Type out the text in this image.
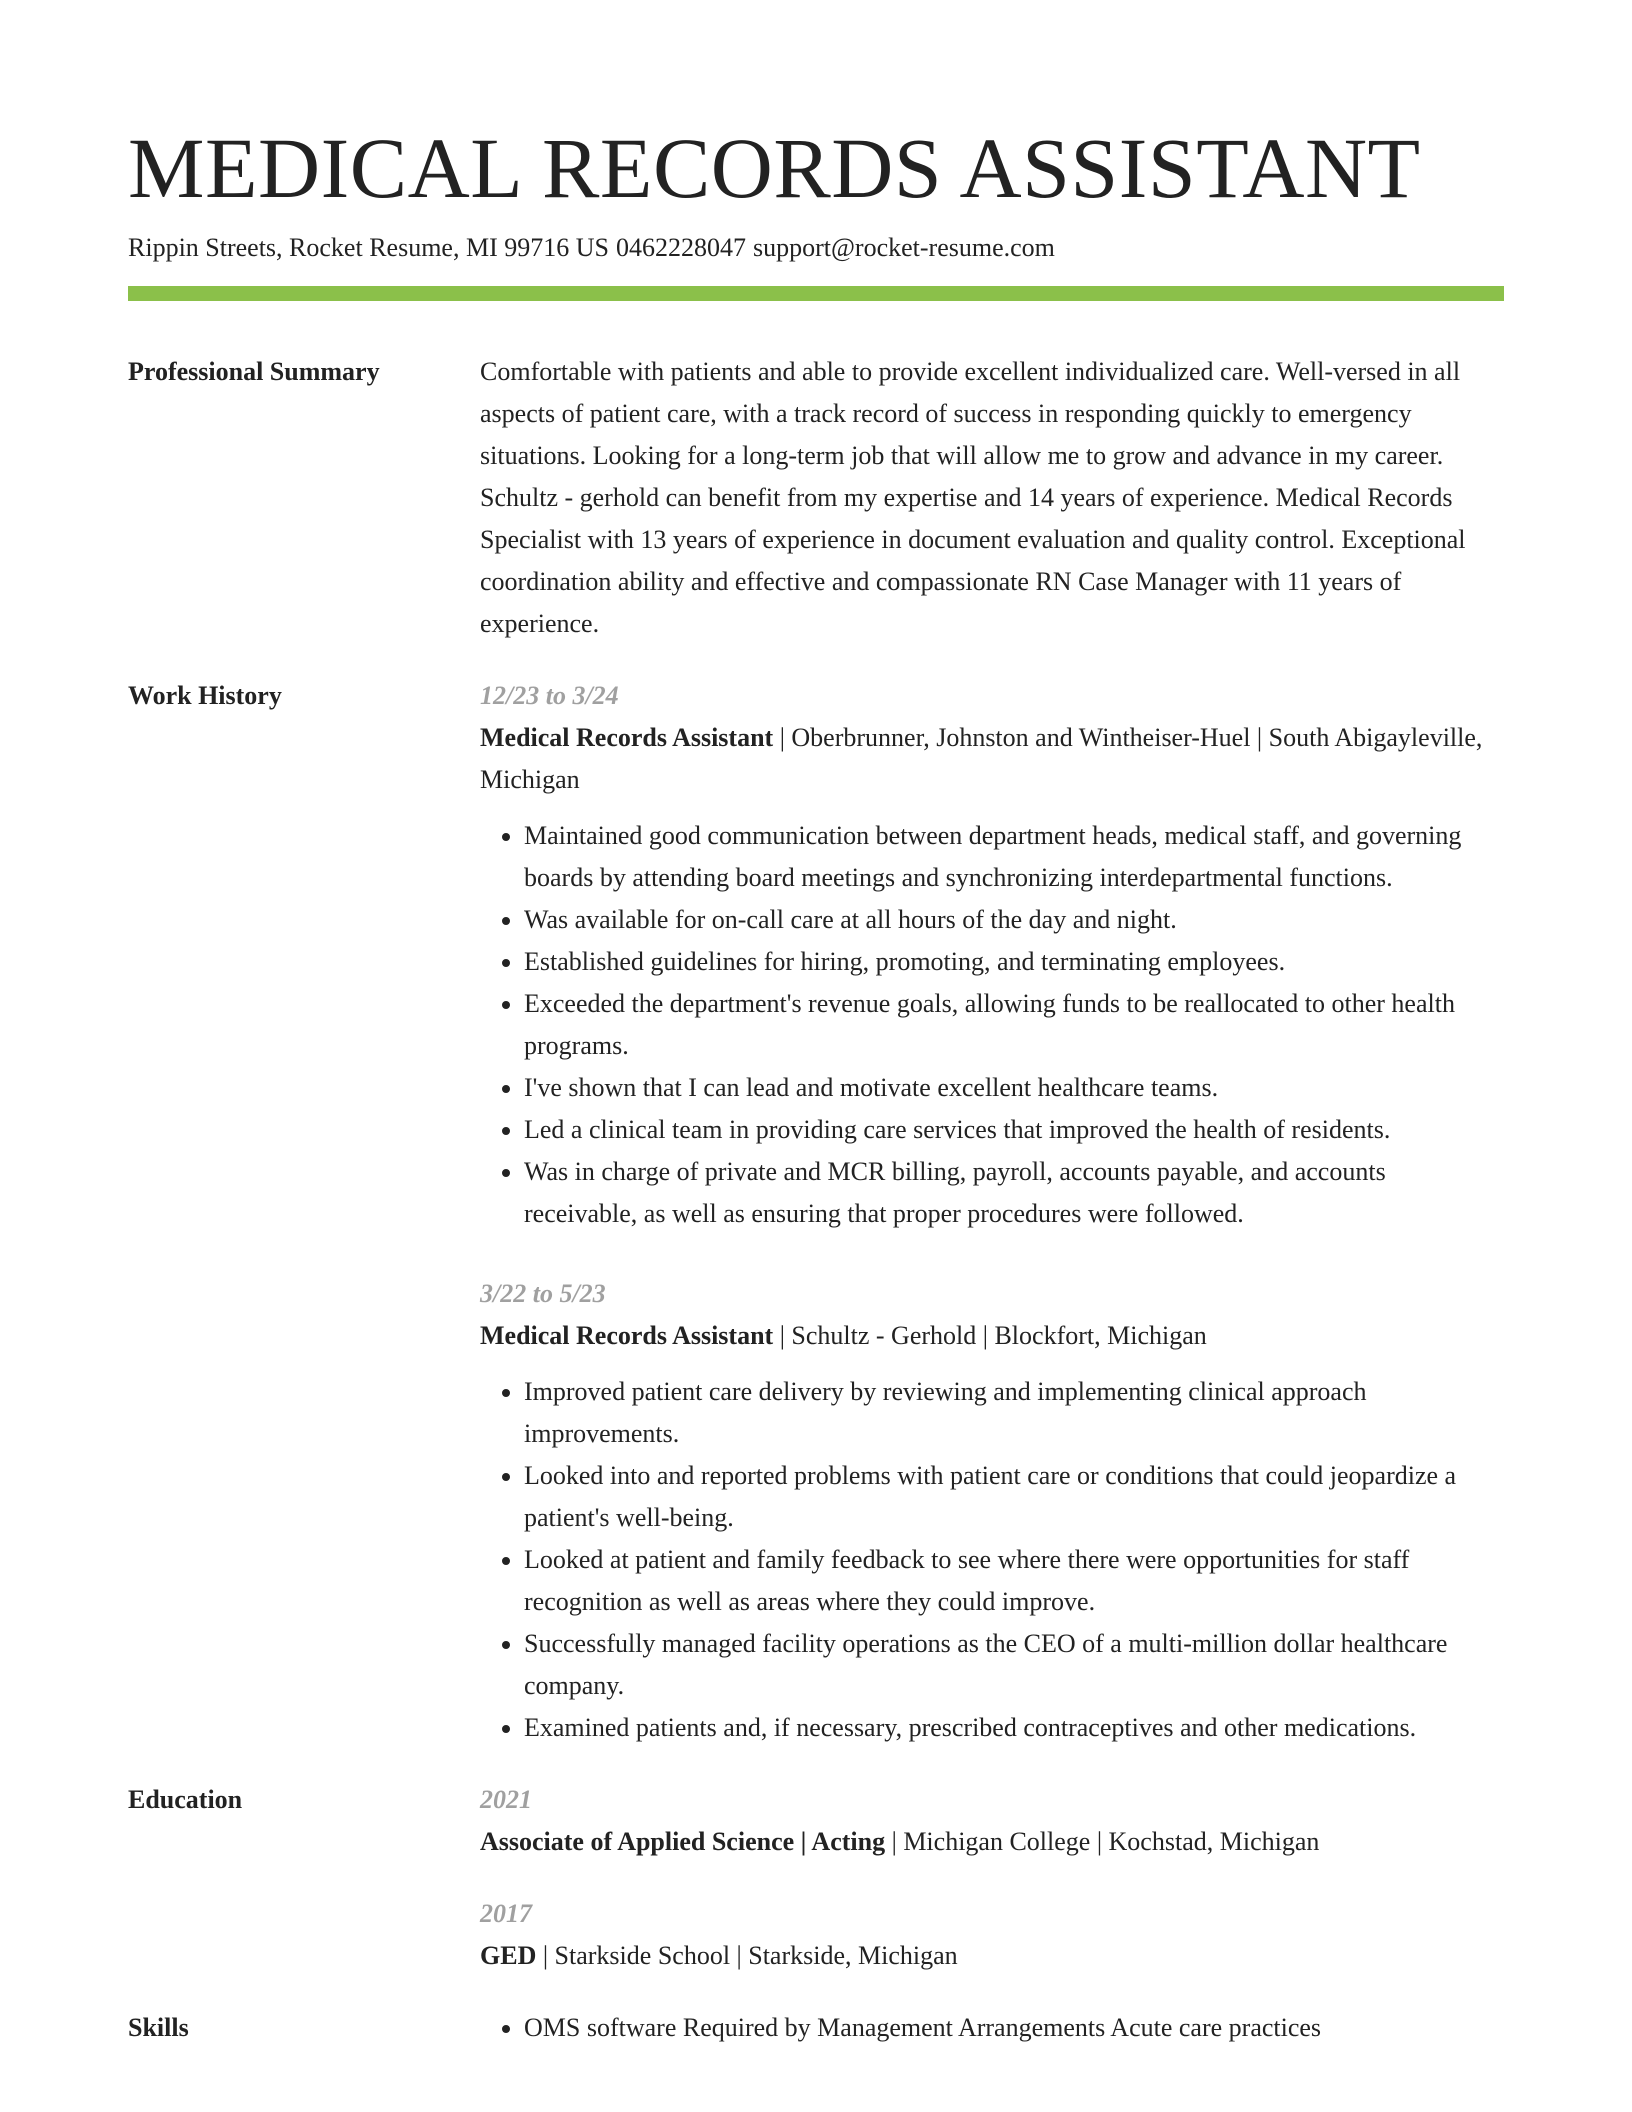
MEDICAL RECORDS ASSISTANT
Rippin Streets, Rocket Resume, MI 99716 US 0462228047 support@rocket-resume.com
Professional Summary	Comfortable with patients and able to provide excellent individualized care. Well-versed in all aspects of patient care, with a track record of success in responding quickly to emergency situations. Looking for a long-term job that will allow me to grow and advance in my career. Schultz - gerhold can benefit from my expertise and 14 years of experience. Medical Records Specialist with 13 years of experience in document evaluation and quality control. Exceptional coordination ability and effective and compassionate RN Case Manager with 11 years of experience.
Work History	12/23 to 3/24
Medical Records Assistant | Oberbrunner, Johnston and Wintheiser-Huel | South Abigayleville, Michigan
• Maintained good communication between department heads, medical staff, and governing boards by attending board meetings and synchronizing interdepartmental functions.
• Was available for on-call care at all hours of the day and night.
• Established guidelines for hiring, promoting, and terminating employees.
• Exceeded the department's revenue goals, allowing funds to be reallocated to other health programs.
• I've shown that I can lead and motivate excellent healthcare teams.
• Led a clinical team in providing care services that improved the health of residents.
• Was in charge of private and MCR billing, payroll, accounts payable, and accounts receivable, as well as ensuring that proper procedures were followed.
3/22 to 5/23
Medical Records Assistant | Schultz - Gerhold | Blockfort, Michigan
• Improved patient care delivery by reviewing and implementing clinical approach improvements.
• Looked into and reported problems with patient care or conditions that could jeopardize a patient's well-being.
• Looked at patient and family feedback to see where there were opportunities for staff recognition as well as areas where they could improve.
• Successfully managed facility operations as the CEO of a multi-million dollar healthcare company.
• Examined patients and, if necessary, prescribed contraceptives and other medications.
Education	2021
Associate of Applied Science | Acting | Michigan College | Kochstad, Michigan
2017
GED | Starkside School | Starkside, Michigan
Skills
•	OMS software Required by Management Arrangements Acute care practices
